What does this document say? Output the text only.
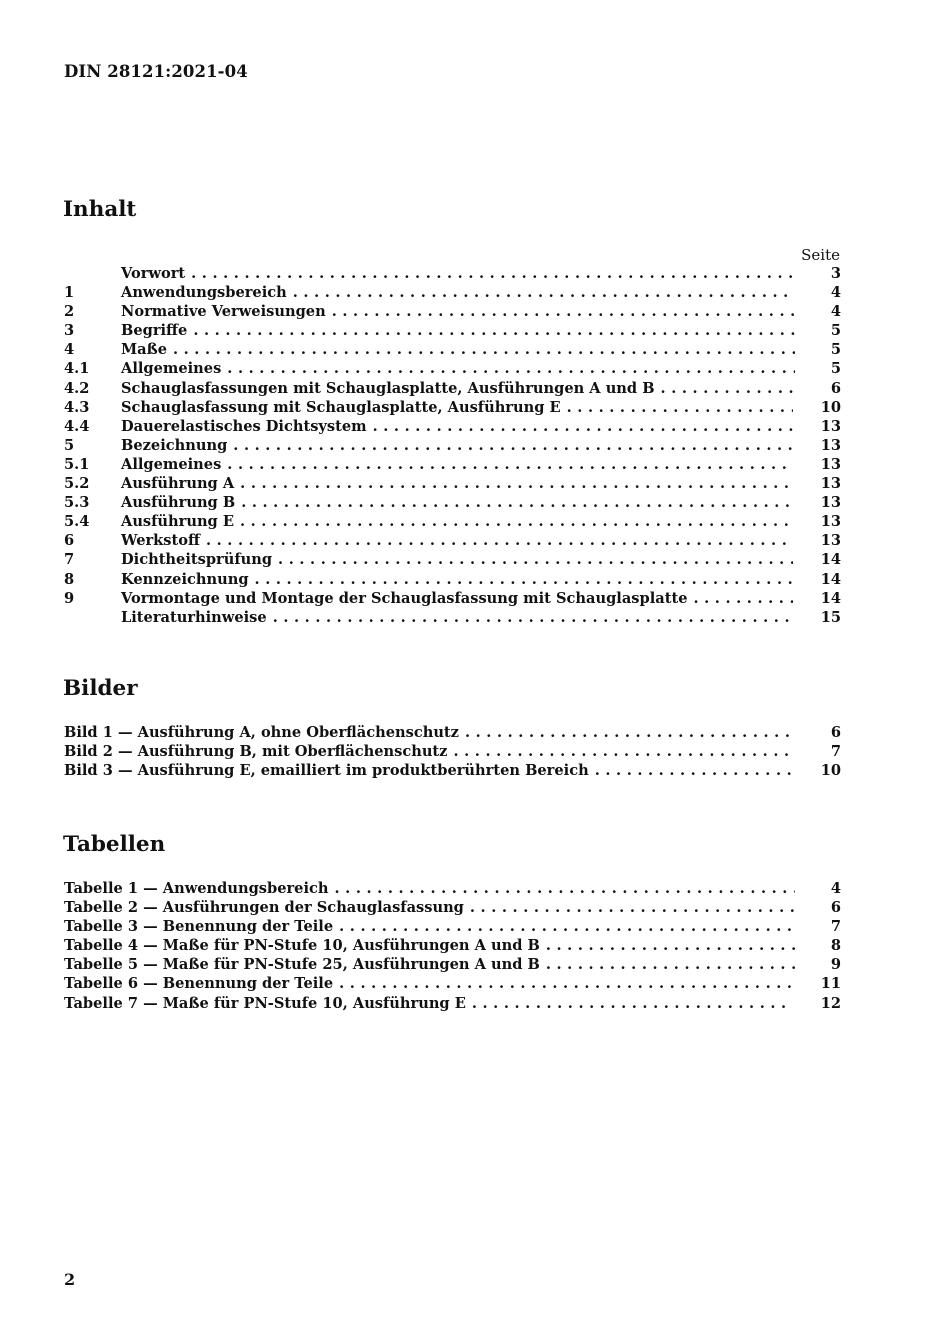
DIN 28121:2021-04
Inhalt
Seite
Vorwort . . .	3
1	Anwendungsbereich . . .	4
2	Normative Verweisungen . . .	4
3	Begriffe . . .	5
4	Maße . . .	5
4.1	Allgemeines . . .	5
4.2	Schauglasfassungen mit Schauglasplatte, Ausführungen A und B . . .	6
4.3	Schauglasfassung mit Schauglasplatte, Ausführung E . . .	10
4.4	Dauerelastisches Dichtsystem . . .	13
5	Bezeichnung . . .	13
5.1	Allgemeines . . .	13
5.2	Ausführung A . . .	13
5.3	Ausführung B . . .	13
5.4	Ausführung E . . .	13
6	Werkstoff . . .	13
7	Dichtheitsprüfung . . .	14
8	Kennzeichnung . . .	14
9	Vormontage und Montage der Schauglasfassung mit Schauglasplatte . . .	14
Literaturhinweise . . .	15
Bilder
Bild 1 — Ausführung A, ohne Oberflächenschutz . . .	6
Bild 2 — Ausführung B, mit Oberflächenschutz . . .	7
Bild 3 — Ausführung E, emailliert im produktberührten Bereich . . .	10
Tabellen
Tabelle 1 — Anwendungsbereich . . .	4
Tabelle 2 — Ausführungen der Schauglasfassung . . .	6
Tabelle 3 — Benennung der Teile . . .	7
Tabelle 4 — Maße für PN-Stufe 10, Ausführungen A und B . . .	8
Tabelle 5 — Maße für PN-Stufe 25, Ausführungen A und B . . .	9
Tabelle 6 — Benennung der Teile . . .	11
Tabelle 7 — Maße für PN-Stufe 10, Ausführung E . . .	12
2
